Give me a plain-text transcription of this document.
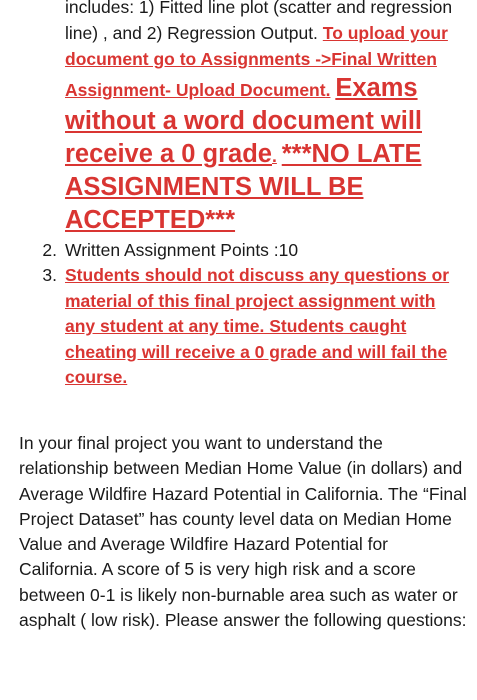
includes: 1) Fitted line plot (scatter and regression line) , and 2) Regression Output. To upload your document go to Assignments ->Final Written Assignment- Upload Document. Exams without a word document will receive a 0 grade. ***NO LATE ASSIGNMENTS WILL BE ACCEPTED***
2. Written Assignment Points :10
3. Students should not discuss any questions or material of this final project assignment with any student at any time. Students caught cheating will receive a 0 grade and will fail the course.
In your final project you want to understand the relationship between Median Home Value (in dollars) and Average Wildfire Hazard Potential in California. The “Final Project Dataset” has county level data on Median Home Value and Average Wildfire Hazard Potential for California. A score of 5 is very high risk and a score between 0-1 is likely non-burnable area such as water or asphalt ( low risk). Please answer the following questions:
